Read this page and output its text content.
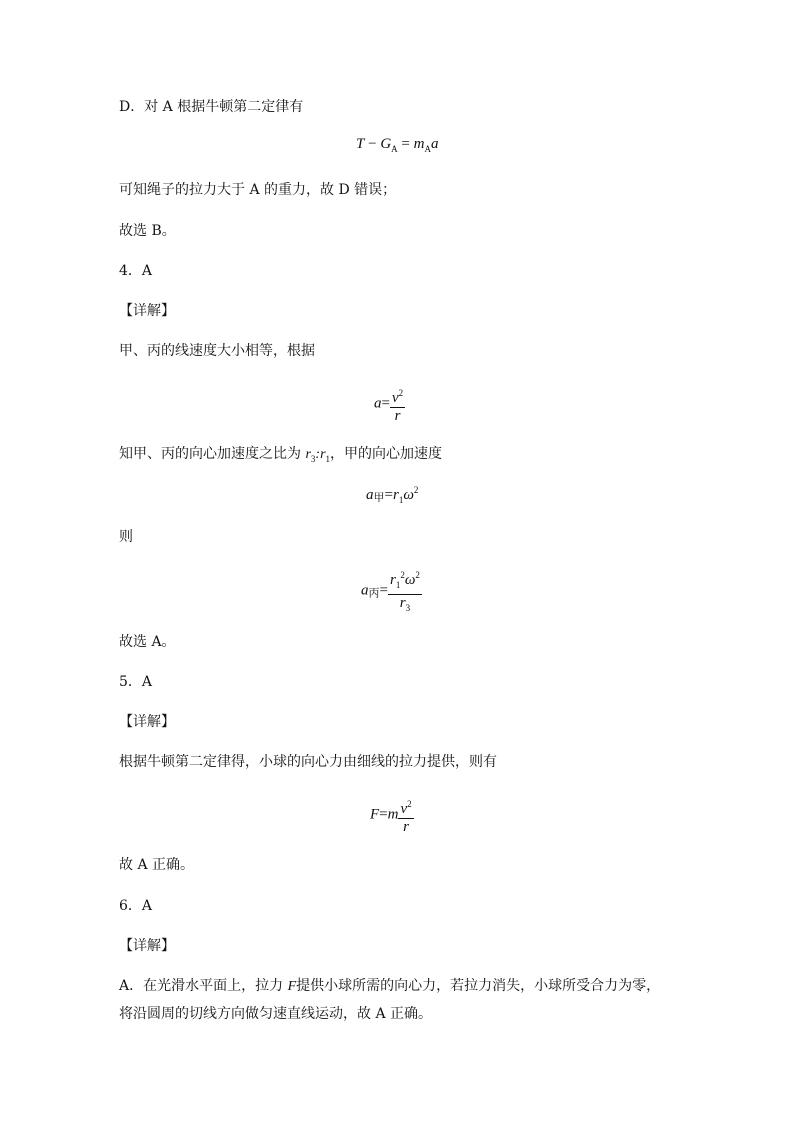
D．对 A 根据牛顿第二定律有
$T - G_A = m_Aa$
可知绳子的拉力大于 A 的重力，故 D 错误；
故选 B。
4．A
【详解】
甲、丙的线速度大小相等，根据
$a= \frac{v^2}{r}$
知甲、丙的向心加速度之比为 $r_3:r_1$，甲的向心加速度
a甲$=r_1\omega^2$
则
a丙= $\frac{r_1^2\omega^2}{r_3}$
故选 A。
5．A
【详解】
根据牛顿第二定律得，小球的向心力由细线的拉力提供，则有
$F=m \frac{v^2}{r}$
故 A 正确。
6．A
【详解】
A．在光滑水平面上，拉力 F提供小球所需的向心力，若拉力消失，小球所受合力为零，
将沿圆周的切线方向做匀速直线运动，故 A 正确。
